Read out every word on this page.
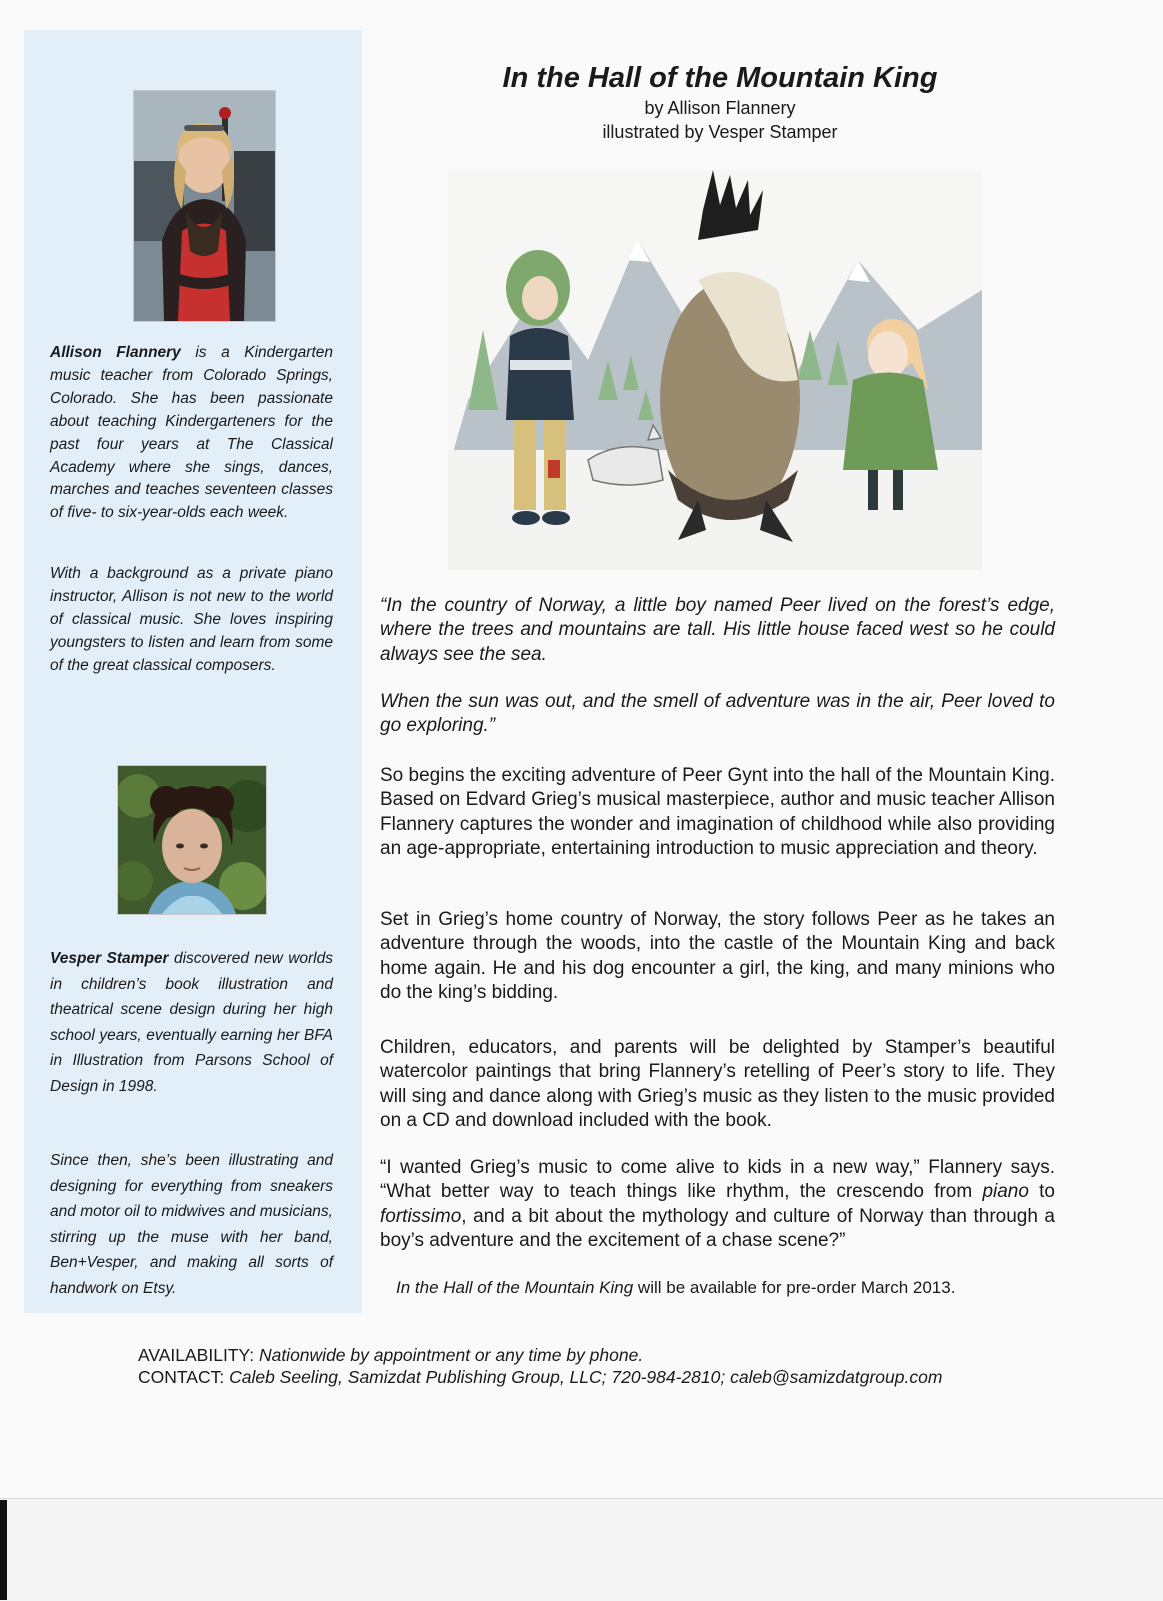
Allison Flannery is a Kindergarten music teacher from Colorado Springs, Colorado. She has been passionate about teaching Kindergarteners for the past four years at The Classical Academy where she sings, dances, marches and teaches seventeen classes of five- to six-year-olds each week.

With a background as a private piano instructor, Allison is not new to the world of classical music. She loves inspiring youngsters to listen and learn from some of the great classical composers.

Vesper Stamper discovered new worlds in children’s book illustration and theatrical scene design during her high school years, eventually earning her BFA in Illustration from Parsons School of Design in 1998.

Since then, she’s been illustrating and designing for everything from sneakers and motor oil to midwives and musicians, stirring up the muse with her band, Ben+Vesper, and making all sorts of handwork on Etsy.

In the Hall of the Mountain King

by Allison Flannery

illustrated by Vesper Stamper

“In the country of Norway, a little boy named Peer lived on the forest’s edge, where the trees and mountains are tall. His little house faced west so he could always see the sea.

When the sun was out, and the smell of adventure was in the air, Peer loved to go exploring.”

So begins the exciting adventure of Peer Gynt into the hall of the Mountain King. Based on Edvard Grieg’s musical masterpiece, author and music teacher Allison Flannery captures the wonder and imagination of childhood while also providing an age-appropriate, entertaining introduction to music appreciation and theory.

Set in Grieg’s home country of Norway, the story follows Peer as he takes an adventure through the woods, into the castle of the Mountain King and back home again. He and his dog encounter a girl, the king, and many minions who do the king’s bidding.

Children, educators, and parents will be delighted by Stamper’s beautiful watercolor paintings that bring Flannery’s retelling of Peer’s story to life. They will sing and dance along with Grieg’s music as they listen to the music provided on a CD and download included with the book.

“I wanted Grieg’s music to come alive to kids in a new way,” Flannery says. “What better way to teach things like rhythm, the crescendo from piano to fortissimo, and a bit about the mythology and culture of Norway than through a boy’s adventure and the excitement of a chase scene?”

In the Hall of the Mountain King will be available for pre-order March 2013.

AVAILABILITY: Nationwide by appointment or any time by phone.

CONTACT: Caleb Seeling, Samizdat Publishing Group, LLC; 720-984-2810; caleb@samizdatgroup.com
